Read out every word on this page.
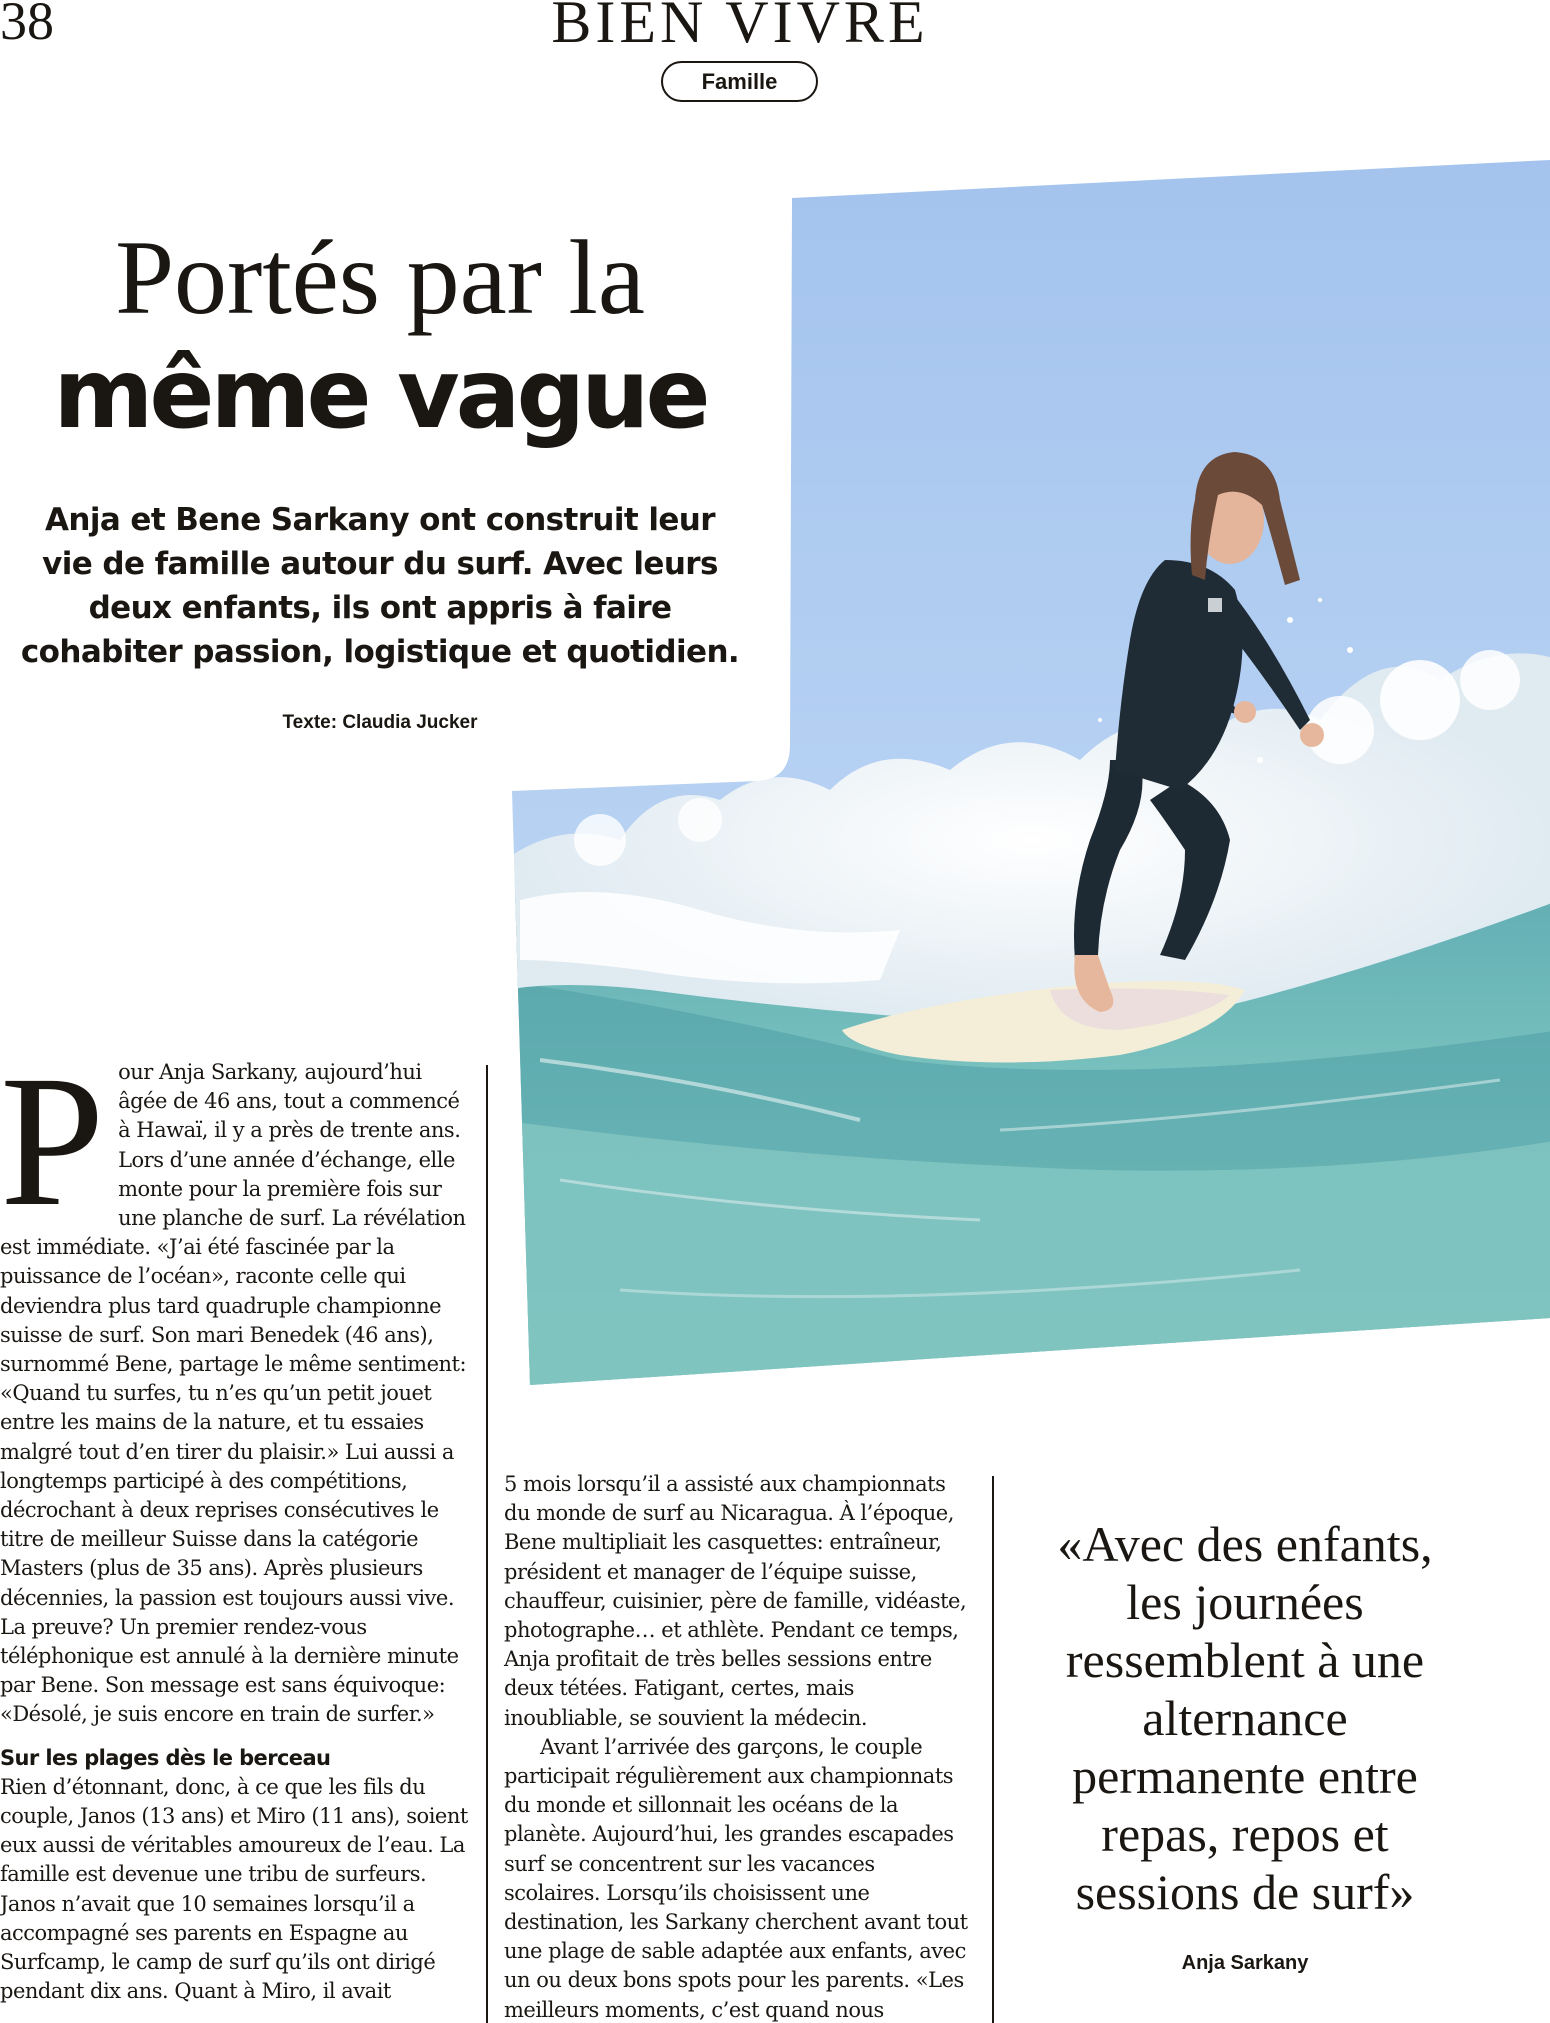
38	BIEN VIVRE
Famille
Portés par la
même vague
Anja et Bene Sarkany ont construit leur vie de famille autour du surf. Avec leurs deux enfants, ils ont appris à faire cohabiter passion, logistique et quotidien.
Texte: Claudia Jucker
P our Anja Sarkany, aujourd’hui âgée de 46 ans, tout a commencé à Hawaï, il y a près de trente ans. Lors d’une année d’échange, elle monte pour la première fois sur une planche de surf. La révélation est immédiate. «J’ai été fascinée par la puissance de l’océan», raconte celle qui deviendra plus tard quadruple championne suisse de surf. Son mari Benedek (46 ans), surnommé Bene, partage le même sentiment: «Quand tu surfes, tu n’es qu’un petit jouet entre les mains de la nature, et tu essaies malgré tout d’en tirer du plaisir.» Lui aussi a longtemps participé à des compétitions, décrochant à deux reprises consécutives le titre de meilleur Suisse dans la catégorie Masters (plus de 35 ans). Après plusieurs décennies, la passion est toujours aussi vive. La preuve? Un premier rendez-vous téléphonique est annulé à la dernière minute par Bene. Son message est sans équivoque: «Désolé, je suis encore en train de surfer.»

Sur les plages dès le berceau

Rien d’étonnant, donc, à ce que les fils du couple, Janos (13 ans) et Miro (11 ans), soient eux aussi de véritables amoureux de l’eau. La famille est devenue une tribu de surfeurs. Janos n’avait que 10 semaines lorsqu’il a accompagné ses parents en Espagne au Surfcamp, le camp de surf qu’ils ont dirigé pendant dix ans. Quant à Miro, il avait

5 mois lorsqu’il a assisté aux championnats du monde de surf au Nicaragua. À l’époque, Bene multipliait les casquettes: entraîneur, président et manager de l’équipe suisse, chauffeur, cuisinier, père de famille, vidéaste, photographe… et athlète. Pendant ce temps, Anja profitait de très belles sessions entre deux tétées. Fatigant, certes, mais inoubliable, se souvient la médecin.

Avant l’arrivée des garçons, le couple participait régulièrement aux championnats du monde et sillonnait les océans de la planète. Aujourd’hui, les grandes escapades surf se concentrent sur les vacances scolaires. Lorsqu’ils choisissent une destination, les Sarkany cherchent avant tout une plage de sable adaptée aux enfants, avec un ou deux bons spots pour les parents. «Les meilleurs moments, c’est quand nous

«Avec des enfants, les journées ressemblent à une alternance permanente entre repas, repos et sessions de surf»
Anja Sarkany
